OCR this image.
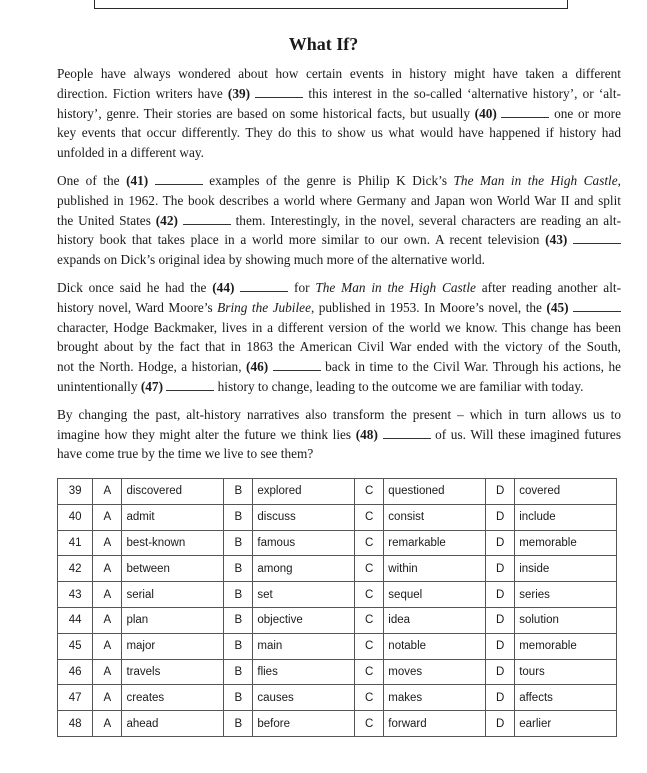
What If?

People have always wondered about how certain events in history might have taken a different
direction. Fiction writers have (39)	this interest in the so-called ‘alternative history’, or ‘alt-
history’, genre. Their stories are based on some historical facts, but usually (40)	one or more
key events that occur differently. They do this to show us what would have happened if history had
unfolded in a different way.

One of the (41)	examples of the genre is Philip K Dick’s The Man in the High Castle,
published in 1962. The book describes a world where Germany and Japan won World War II and split
the United States (42)	them. Interestingly, in the novel, several characters are reading an alt-
history book that takes place in a world more similar to our own. A recent television (43)
expands on Dick’s original idea by showing much more of the alternative world.

Dick once said he had the (44)	for The Man in the High Castle after reading another alt-
history novel, Ward Moore’s Bring the Jubilee, published in 1953. In Moore’s novel, the (45)
character, Hodge Backmaker, lives in a different version of the world we know. This change has been
brought about by the fact that in 1863 the American Civil War ended with the victory of the South,
not the North. Hodge, a historian, (46)	back in time to the Civil War. Through his actions, he
unintentionally (47)	history to change, leading to the outcome we are familiar with today.

By changing the past, alt-history narratives also transform the present – which in turn allows us to
imagine how they might alter the future we think lies (48)	of us. Will these imagined futures
have come true by the time we live to see them?

39	A	discovered	B	explored	C	questioned	D	covered
40	A	admit	B	discuss	C	consist	D	include
41	A	best-known	B	famous	C	remarkable	D	memorable
42	A	between	B	among	C	within	D	inside
43	A	serial	B	set	C	sequel	D	series
44	A	plan	B	objective	C	idea	D	solution
45	A	major	B	main	C	notable	D	memorable
46	A	travels	B	flies	C	moves	D	tours
47	A	creates	B	causes	C	makes	D	affects
48	A	ahead	B	before	C	forward	D	earlier
